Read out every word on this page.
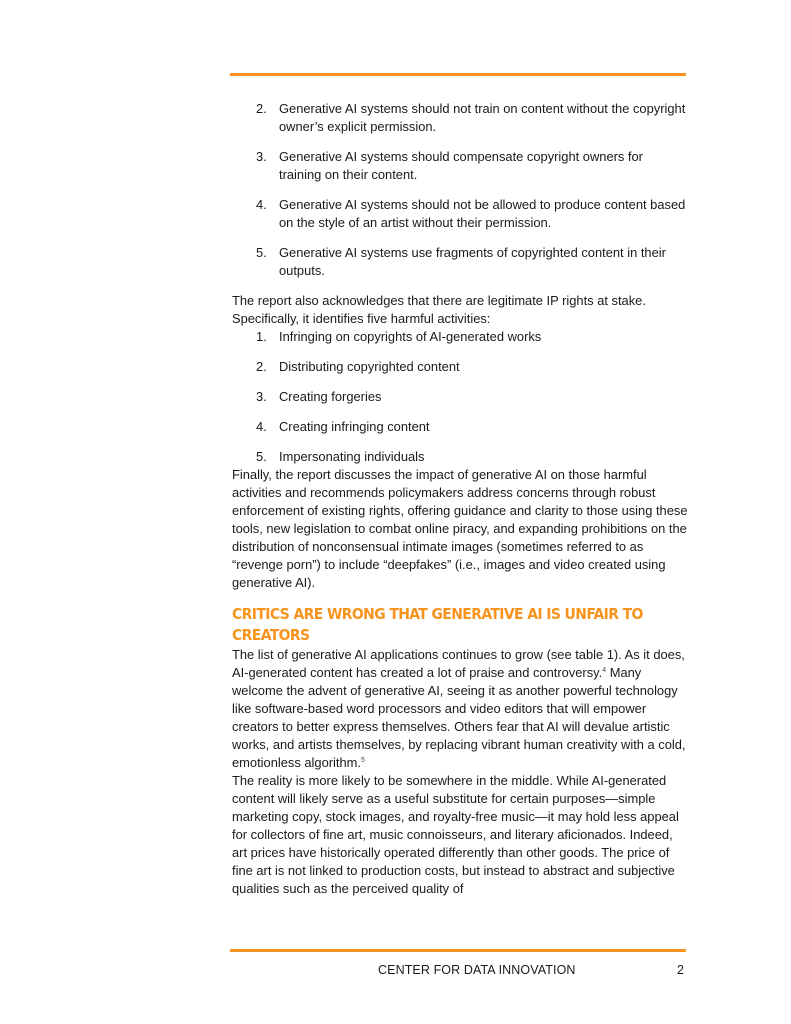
2. Generative AI systems should not train on content without the copyright owner’s explicit permission.
3. Generative AI systems should compensate copyright owners for training on their content.
4. Generative AI systems should not be allowed to produce content based on the style of an artist without their permission.
5. Generative AI systems use fragments of copyrighted content in their outputs.

The report also acknowledges that there are legitimate IP rights at stake. Specifically, it identifies five harmful activities:

1. Infringing on copyrights of AI-generated works
2. Distributing copyrighted content
3. Creating forgeries
4. Creating infringing content
5. Impersonating individuals

Finally, the report discusses the impact of generative AI on those harmful activities and recommends policymakers address concerns through robust enforcement of existing rights, offering guidance and clarity to those using these tools, new legislation to combat online piracy, and expanding prohibitions on the distribution of nonconsensual intimate images (sometimes referred to as “revenge porn”) to include “deepfakes” (i.e., images and video created using generative AI).

CRITICS ARE WRONG THAT GENERATIVE AI IS UNFAIR TO CREATORS

The list of generative AI applications continues to grow (see table 1). As it does, AI-generated content has created a lot of praise and controversy.$^4$ Many welcome the advent of generative AI, seeing it as another powerful technology like software-based word processors and video editors that will empower creators to better express themselves. Others fear that AI will devalue artistic works, and artists themselves, by replacing vibrant human creativity with a cold, emotionless algorithm.$^5$

The reality is more likely to be somewhere in the middle. While AI-generated content will likely serve as a useful substitute for certain purposes—simple marketing copy, stock images, and royalty-free music—it may hold less appeal for collectors of fine art, music connoisseurs, and literary aficionados. Indeed, art prices have historically operated differently than other goods. The price of fine art is not linked to production costs, but instead to abstract and subjective qualities such as the perceived quality of

CENTER FOR DATA INNOVATION	2
